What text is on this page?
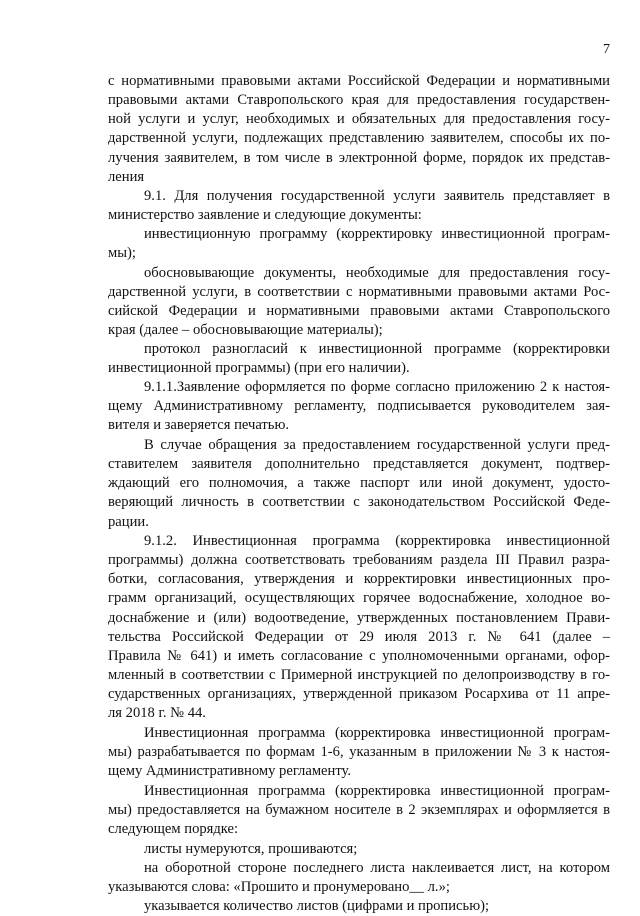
7
с нормативными правовыми актами Российской Федерации и нормативными
правовыми актами Ставропольского края для предоставления государствен-
ной услуги и услуг, необходимых и обязательных для предоставления госу-
дарственной услуги, подлежащих представлению заявителем, способы их по-
лучения заявителем, в том числе в электронной форме, порядок их представ-
ления
9.1. Для получения государственной услуги заявитель представляет в
министерство заявление и следующие документы:
инвестиционную программу (корректировку инвестиционной програм-
мы);
обосновывающие документы, необходимые для предоставления госу-
дарственной услуги, в соответствии с нормативными правовыми актами Рос-
сийской Федерации и нормативными правовыми актами Ставропольского
края (далее – обосновывающие материалы);
протокол разногласий к инвестиционной программе (корректировки
инвестиционной программы) (при его наличии).
9.1.1.Заявление оформляется по форме согласно приложению 2 к настоя-
щему Административному регламенту, подписывается руководителем зая-
вителя и заверяется печатью.
В случае обращения за предоставлением государственной услуги пред-
ставителем заявителя дополнительно представляется документ, подтвер-
ждающий его полномочия, а также паспорт или иной документ, удосто-
веряющий личность в соответствии с законодательством Российской Феде-
рации.
9.1.2. Инвестиционная программа (корректировка инвестиционной
программы) должна соответствовать требованиям раздела III Правил разра-
ботки, согласования, утверждения и корректировки инвестиционных про-
грамм организаций, осуществляющих горячее водоснабжение, холодное во-
доснабжение и (или) водоотведение, утвержденных постановлением Прави-
тельства Российской Федерации от 29 июля 2013 г. № 641 (далее –
Правила № 641) и иметь согласование с уполномоченными органами, офор-
мленный в соответствии с Примерной инструкцией по делопроизводству в го-
сударственных организациях, утвержденной приказом Росархива от 11 апре-
ля 2018 г. № 44.
Инвестиционная программа (корректировка инвестиционной програм-
мы) разрабатывается по формам 1-6, указанным в приложении № 3 к настоя-
щему Административному регламенту.
Инвестиционная программа (корректировка инвестиционной програм-
мы) предоставляется на бумажном носителе в 2 экземплярах и оформляется в
следующем порядке:
листы нумеруются, прошиваются;
на оборотной стороне последнего листа наклеивается лист, на котором
указываются слова: «Прошито и пронумеровано__ л.»;
указывается количество листов (цифрами и прописью);
